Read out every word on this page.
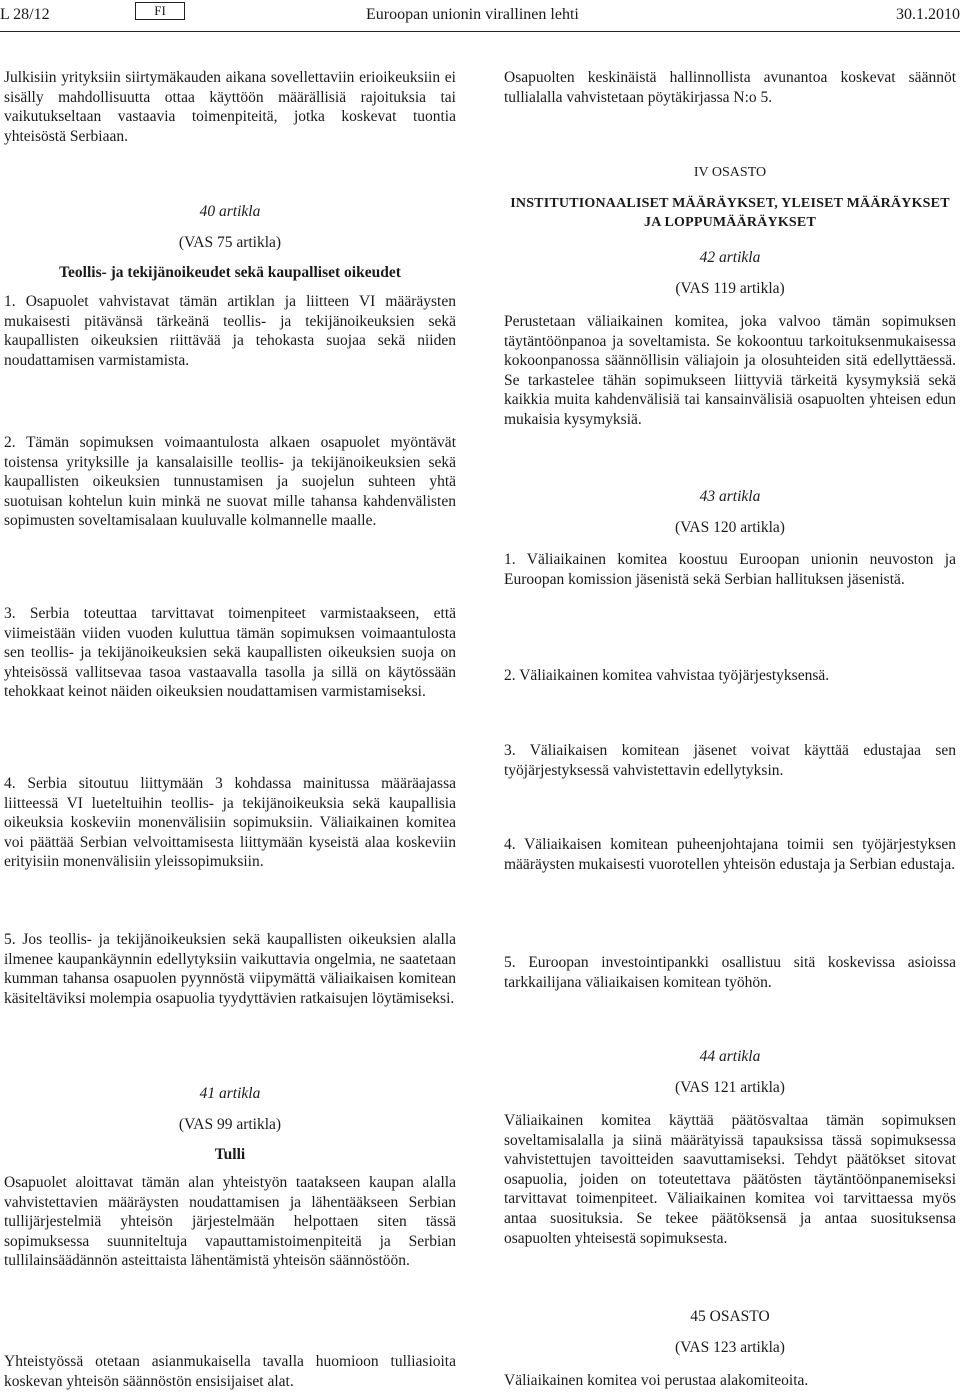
L 28/12	FI	Euroopan unionin virallinen lehti	30.1.2010

Julkisiin yrityksiin siirtymäkauden aikana sovellettaviin erioikeuksiin ei sisälly mahdollisuutta ottaa käyttöön määrällisiä rajoituksia tai vaikutukseltaan vastaavia toimenpiteitä, jotka koskevat tuontia yhteisöstä Serbiaan.

40 artikla

(VAS 75 artikla)

Teollis- ja tekijänoikeudet sekä kaupalliset oikeudet

1. Osapuolet vahvistavat tämän artiklan ja liitteen VI määräysten mukaisesti pitävänsä tärkeänä teollis- ja tekijänoikeuksien sekä kaupallisten oikeuksien riittävää ja tehokasta suojaa sekä niiden noudattamisen varmistamista.

2. Tämän sopimuksen voimaantulosta alkaen osapuolet myöntävät toistensa yrityksille ja kansalaisille teollis- ja tekijänoikeuksien sekä kaupallisten oikeuksien tunnustamisen ja suojelun suhteen yhtä suotuisan kohtelun kuin minkä ne suovat mille tahansa kahdenvälisten sopimusten soveltamisalaan kuuluvalle kolmannelle maalle.

3. Serbia toteuttaa tarvittavat toimenpiteet varmistaakseen, että viimeistään viiden vuoden kuluttua tämän sopimuksen voimaantulosta sen teollis- ja tekijänoikeuksien sekä kaupallisten oikeuksien suoja on yhteisössä vallitsevaa tasoa vastaavalla tasolla ja sillä on käytössään tehokkaat keinot näiden oikeuksien noudattamisen varmistamiseksi.

4. Serbia sitoutuu liittymään 3 kohdassa mainitussa määräajassa liitteessä VI lueteltuihin teollis- ja tekijänoikeuksia sekä kaupallisia oikeuksia koskeviin monenvälisiin sopimuksiin. Väliaikainen komitea voi päättää Serbian velvoittamisesta liittymään kyseistä alaa koskeviin erityisiin monenvälisiin yleissopimuksiin.

5. Jos teollis- ja tekijänoikeuksien sekä kaupallisten oikeuksien alalla ilmenee kaupankäynnin edellytyksiin vaikuttavia ongelmia, ne saatetaan kumman tahansa osapuolen pyynnöstä viipymättä väliaikaisen komitean käsiteltäviksi molempia osapuolia tyydyttävien ratkaisujen löytämiseksi.

41 artikla

(VAS 99 artikla)

Tulli

Osapuolet aloittavat tämän alan yhteistyön taatakseen kaupan alalla vahvistettavien määräysten noudattamisen ja lähentääkseen Serbian tullijärjestelmiä yhteisön järjestelmään helpottaen siten tässä sopimuksessa suunniteltuja vapauttamistoimenpiteitä ja Serbian tullilainsäädännön asteittaista lähentämistä yhteisön säännöstöön.

Yhteistyössä otetaan asianmukaisella tavalla huomioon tulliasioita koskevan yhteisön säännöstön ensisijaiset alat.

Osapuolten keskinäistä hallinnollista avunantoa koskevat säännöt tullialalla vahvistetaan pöytäkirjassa N:o 5.

IV OSASTO

INSTITUTIONAALISET MÄÄRÄYKSET, YLEISET MÄÄRÄYKSET

JA LOPPUMÄÄRÄYKSET

42 artikla

(VAS 119 artikla)

Perustetaan väliaikainen komitea, joka valvoo tämän sopimuksen täytäntöönpanoa ja soveltamista. Se kokoontuu tarkoituksenmukaisessa kokoonpanossa säännöllisin väliajoin ja olosuhteiden sitä edellyttäessä. Se tarkastelee tähän sopimukseen liittyviä tärkeitä kysymyksiä sekä kaikkia muita kahdenvälisiä tai kansainvälisiä osapuolten yhteisen edun mukaisia kysymyksiä.

43 artikla

(VAS 120 artikla)

1. Väliaikainen komitea koostuu Euroopan unionin neuvoston ja Euroopan komission jäsenistä sekä Serbian hallituksen jäsenistä.

2. Väliaikainen komitea vahvistaa työjärjestyksensä.

3. Väliaikaisen komitean jäsenet voivat käyttää edustajaa sen työjärjestyksessä vahvistettavin edellytyksin.

4. Väliaikaisen komitean puheenjohtajana toimii sen työjärjestyksen määräysten mukaisesti vuorotellen yhteisön edustaja ja Serbian edustaja.

5. Euroopan investointipankki osallistuu sitä koskevissa asioissa tarkkailijana väliaikaisen komitean työhön.

44 artikla

(VAS 121 artikla)

Väliaikainen komitea käyttää päätösvaltaa tämän sopimuksen soveltamisalalla ja siinä määrätyissä tapauksissa tässä sopimuksessa vahvistettujen tavoitteiden saavuttamiseksi. Tehdyt päätökset sitovat osapuolia, joiden on toteutettava päätösten täytäntöönpanemiseksi tarvittavat toimenpiteet. Väliaikainen komitea voi tarvittaessa myös antaa suosituksia. Se tekee päätöksensä ja antaa suosituksensa osapuolten yhteisestä sopimuksesta.

45 OSASTO

(VAS 123 artikla)

Väliaikainen komitea voi perustaa alakomiteoita.
